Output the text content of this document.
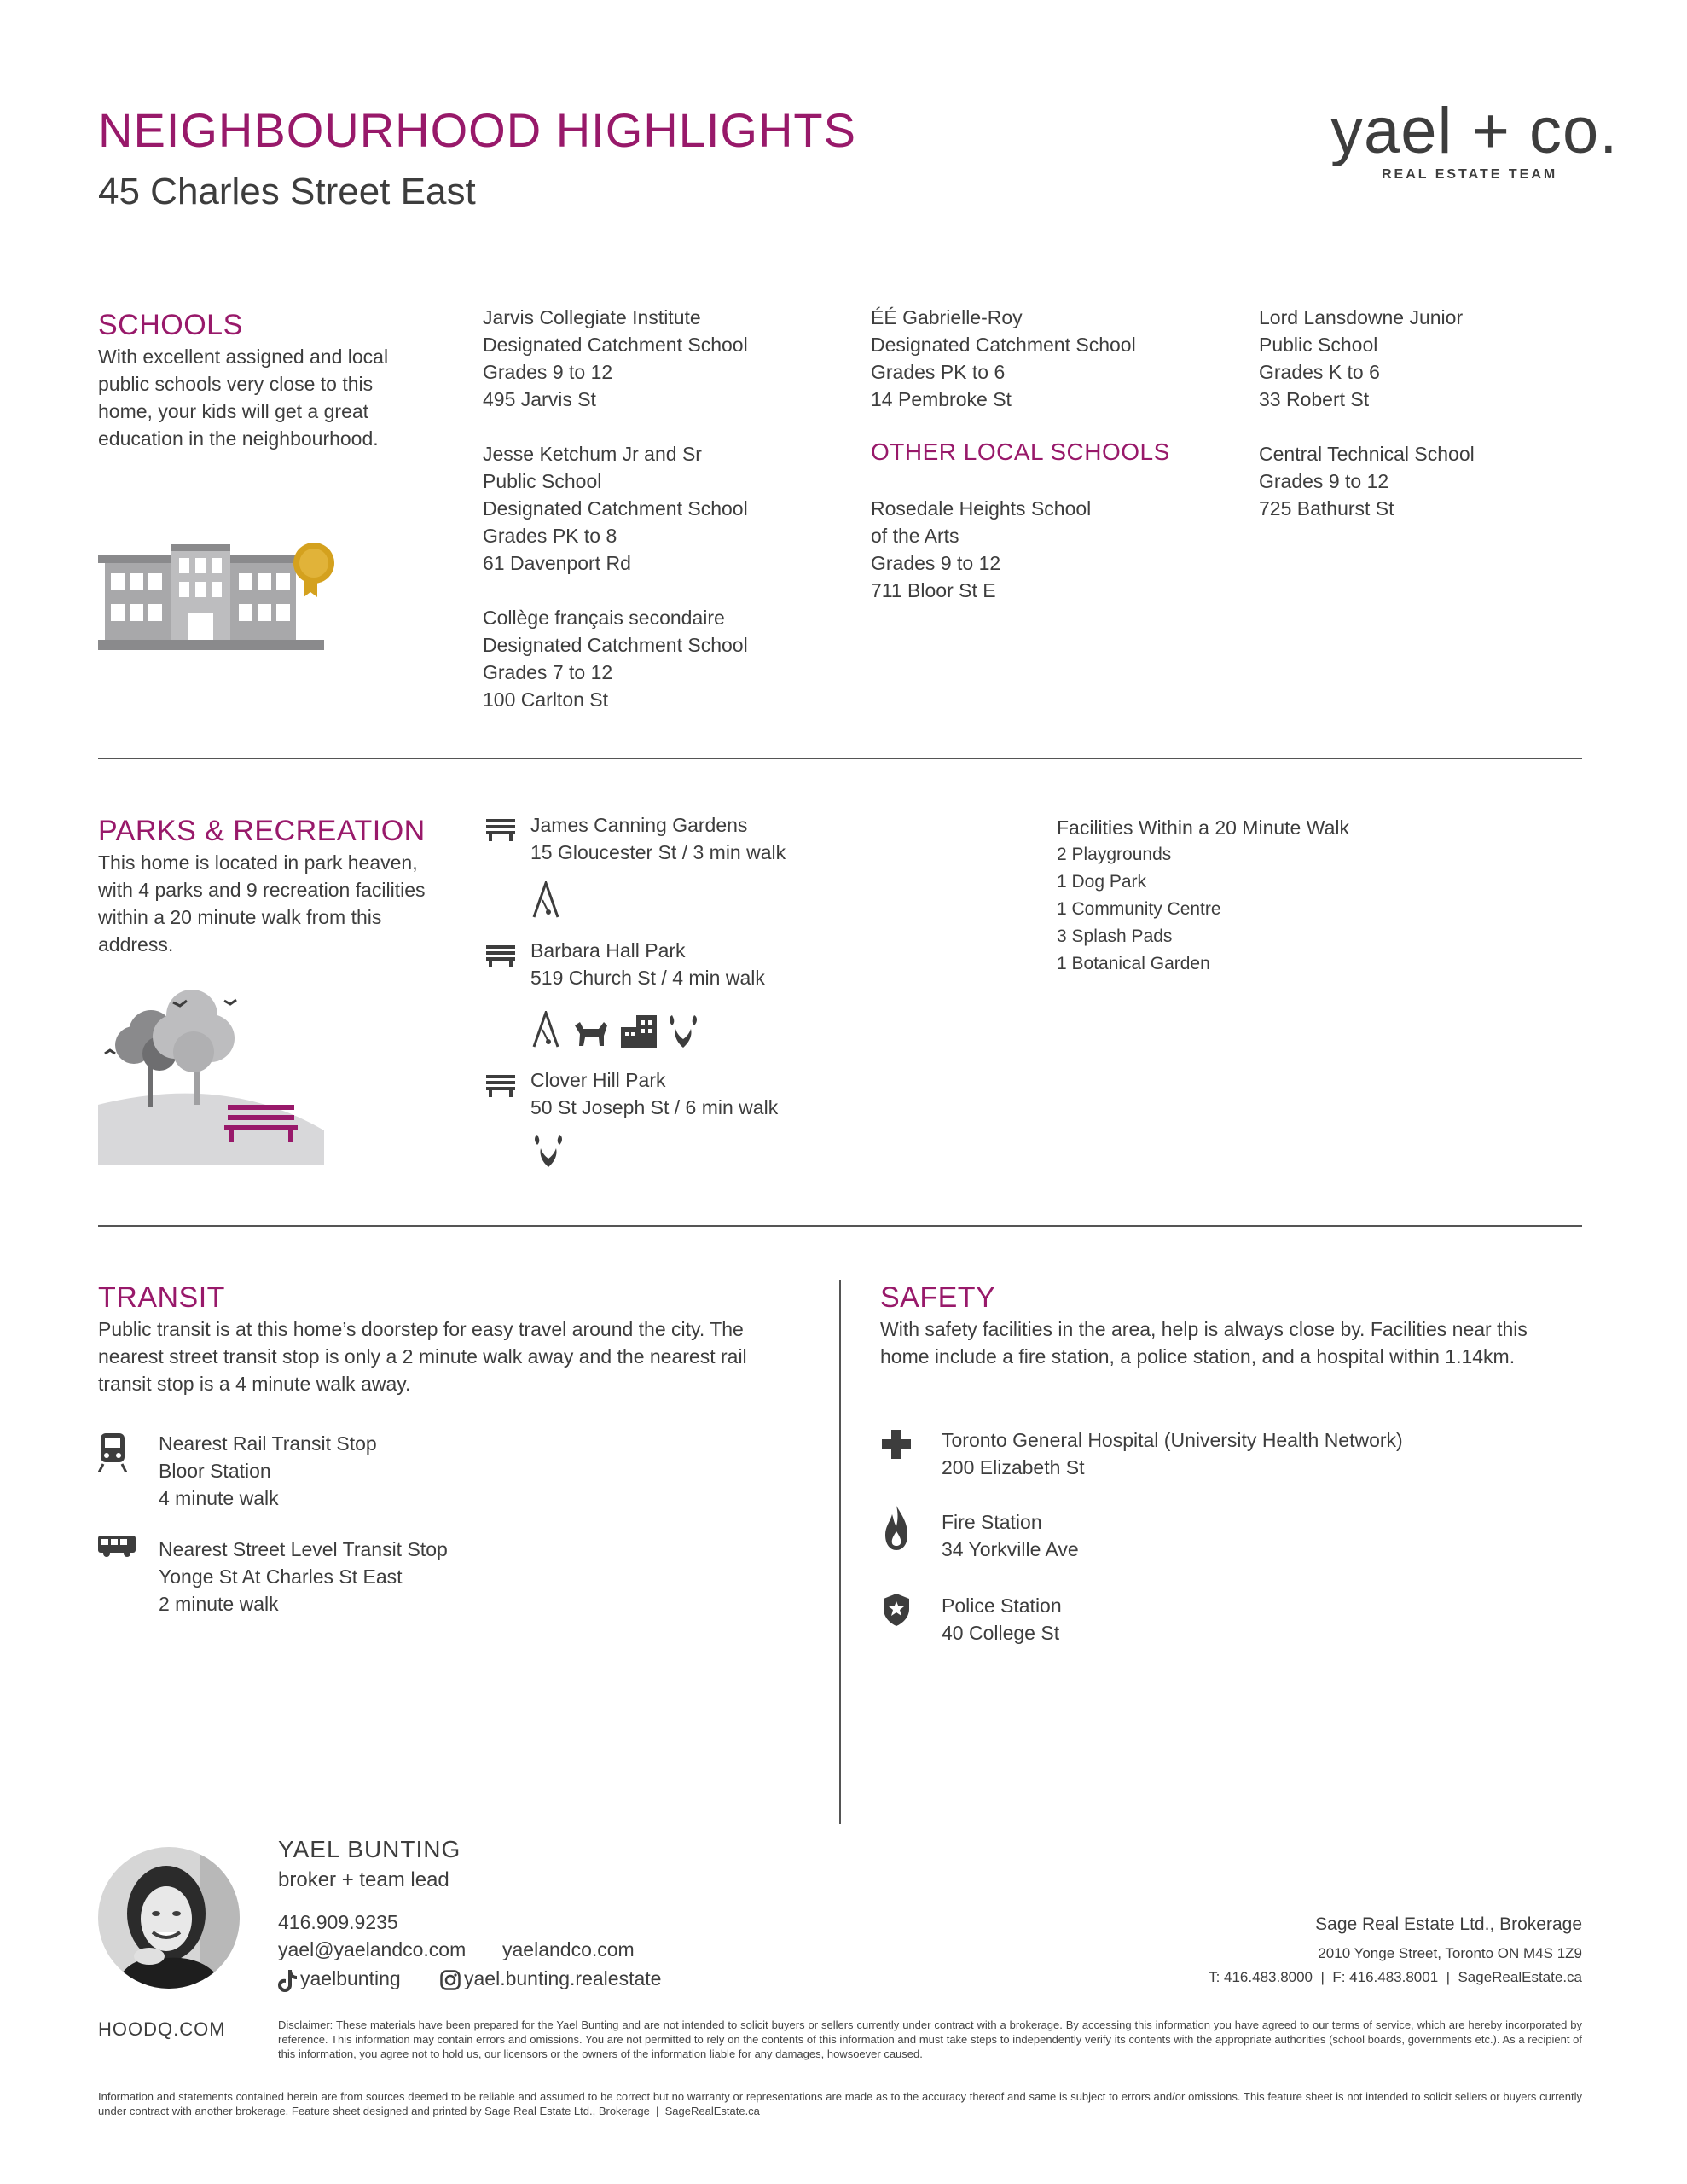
NEIGHBOURHOOD HIGHLIGHTS
45 Charles Street East
yael + co.
REAL ESTATE TEAM
SCHOOLS
With excellent assigned and local public schools very close to this home, your kids will get a great education in the neighbourhood.
Jarvis Collegiate Institute
Designated Catchment School
Grades 9 to 12
495 Jarvis St
Jesse Ketchum Jr and Sr
Public School
Designated Catchment School
Grades PK to 8
61 Davenport Rd
Collège français secondaire
Designated Catchment School
Grades 7 to 12
100 Carlton St
ÉÉ Gabrielle-Roy
Designated Catchment School
Grades PK to 6
14 Pembroke St
OTHER LOCAL SCHOOLS
Rosedale Heights School
of the Arts
Grades 9 to 12
711 Bloor St E
Lord Lansdowne Junior
Public School
Grades K to 6
33 Robert St
Central Technical School
Grades 9 to 12
725 Bathurst St
PARKS & RECREATION
This home is located in park heaven, with 4 parks and 9 recreation facilities within a 20 minute walk from this address.
James Canning Gardens
15 Gloucester St / 3 min walk
Barbara Hall Park
519 Church St / 4 min walk
Clover Hill Park
50 St Joseph St / 6 min walk
Facilities Within a 20 Minute Walk
2 Playgrounds
1 Dog Park
1 Community Centre
3 Splash Pads
1 Botanical Garden
TRANSIT
Public transit is at this home’s doorstep for easy travel around the city. The nearest street transit stop is only a 2 minute walk away and the nearest rail transit stop is a 4 minute walk away.
Nearest Rail Transit Stop
Bloor Station
4 minute walk
Nearest Street Level Transit Stop
Yonge St At Charles St East
2 minute walk
SAFETY
With safety facilities in the area, help is always close by. Facilities near this home include a fire station, a police station, and a hospital within 1.14km.
Toronto General Hospital (University Health Network)
200 Elizabeth St
Fire Station
34 Yorkville Ave
Police Station
40 College St
YAEL BUNTING
broker + team lead
416.909.9235
yael@yaelandco.com yaelandco.com
yaelbunting	yael.bunting.realestate
HOODQ.COM
Sage Real Estate Ltd., Brokerage
2010 Yonge Street, Toronto ON M4S 1Z9
T: 416.483.8000  |  F: 416.483.8001  |  SageRealEstate.ca
Disclaimer: These materials have been prepared for the Yael Bunting and are not intended to solicit buyers or sellers currently under contract with a brokerage. By accessing this information you have agreed to our terms of service, which are hereby incorporated by reference. This information may contain errors and omissions. You are not permitted to rely on the contents of this information and must take steps to independently verify its contents with the appropriate authorities (school boards, governments etc.). As a recipient of this information, you agree not to hold us, our licensors or the owners of the information liable for any damages, howsoever caused.
Information and statements contained herein are from sources deemed to be reliable and assumed to be correct but no warranty or representations are made as to the accuracy thereof and same is subject to errors and/or omissions. This feature sheet is not intended to solicit sellers or buyers currently under contract with another brokerage. Feature sheet designed and printed by Sage Real Estate Ltd., Brokerage  |  SageRealEstate.ca
